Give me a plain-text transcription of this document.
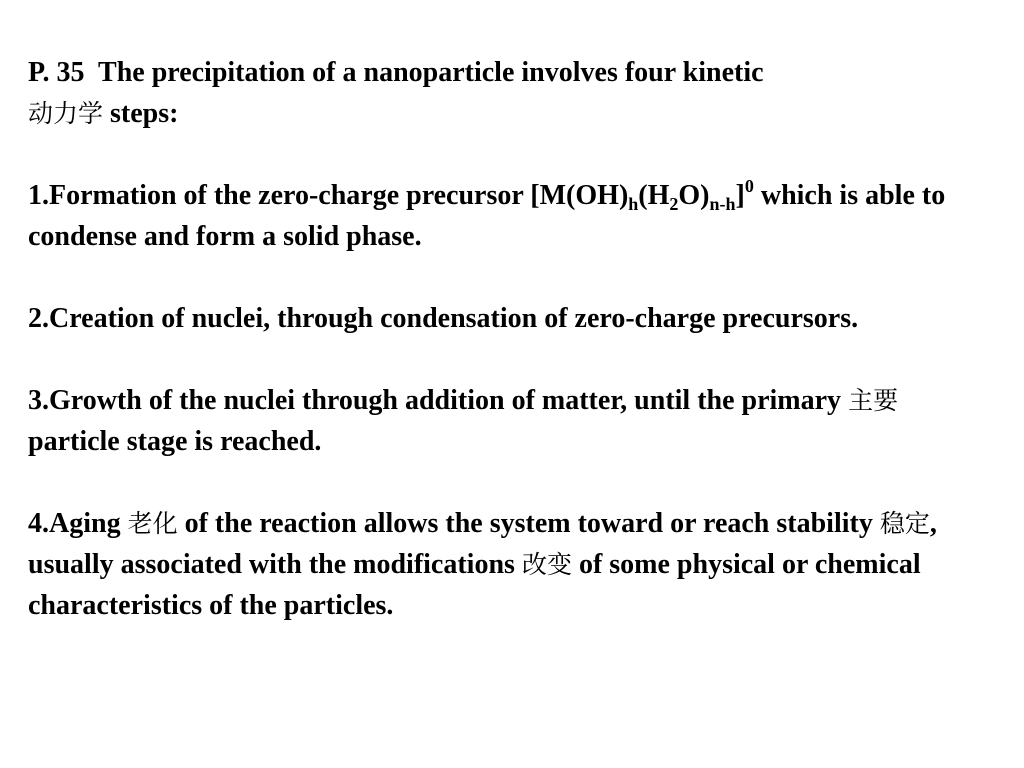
P. 35  The precipitation of a nanoparticle involves four kinetic
动力学 steps:

1.Formation of the zero-charge precursor $[M(OH)_h(H_2O)_{n-h}]^0$ which is able to condense and form a solid phase.

2.Creation of nuclei, through condensation of zero-charge precursors.

3.Growth of the nuclei through addition of matter, until the primary 主要 particle stage is reached.

4.Aging 老化 of the reaction allows the system toward or reach stability 稳定, usually associated with the modifications 改变 of some physical or chemical characteristics of the particles.
